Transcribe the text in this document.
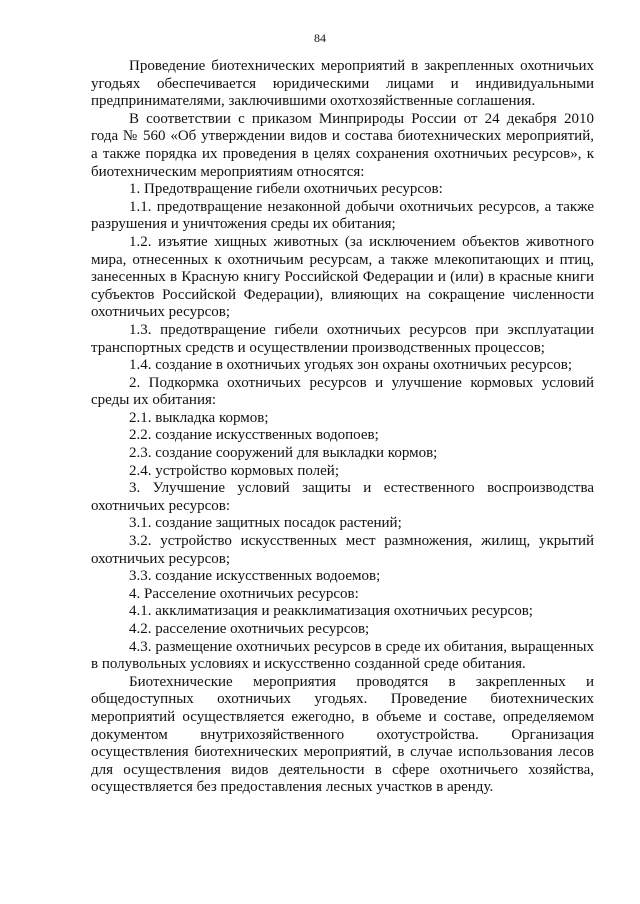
84

Проведение биотехнических мероприятий в закрепленных охотничьих угодьях обеспечивается юридическими лицами и индивидуальными предпринимателями, заключившими охотхозяйственные соглашения.

В соответствии с приказом Минприроды России от 24 декабря 2010 года № 560 «Об утверждении видов и состава биотехнических мероприятий, а также порядка их проведения в целях сохранения охотничьих ресурсов», к биотехническим мероприятиям относятся:

1. Предотвращение гибели охотничьих ресурсов:

1.1. предотвращение незаконной добычи охотничьих ресурсов, а также разрушения и уничтожения среды их обитания;

1.2. изъятие хищных животных (за исключением объектов животного мира, отнесенных к охотничьим ресурсам, а также млекопитающих и птиц, занесенных в Красную книгу Российской Федерации и (или) в красные книги субъектов Российской Федерации), влияющих на сокращение численности охотничьих ресурсов;

1.3. предотвращение гибели охотничьих ресурсов при эксплуатации транспортных средств и осуществлении производственных процессов;

1.4. создание в охотничьих угодьях зон охраны охотничьих ресурсов;

2. Подкормка охотничьих ресурсов и улучшение кормовых условий среды их обитания:

2.1. выкладка кормов;

2.2. создание искусственных водопоев;

2.3. создание сооружений для выкладки кормов;

2.4. устройство кормовых полей;

3. Улучшение условий защиты и естественного воспроизводства охотничьих ресурсов:

3.1. создание защитных посадок растений;

3.2. устройство искусственных мест размножения, жилищ, укрытий охотничьих ресурсов;

3.3. создание искусственных водоемов;

4. Расселение охотничьих ресурсов:

4.1. акклиматизация и реакклиматизация охотничьих ресурсов;

4.2. расселение охотничьих ресурсов;

4.3. размещение охотничьих ресурсов в среде их обитания, выращенных в полувольных условиях и искусственно созданной среде обитания.

Биотехнические мероприятия проводятся в закрепленных и общедоступных охотничьих угодьях. Проведение биотехнических мероприятий осуществляется ежегодно, в объеме и составе, определяемом документом внутрихозяйственного охотустройства. Организация осуществления биотехнических мероприятий, в случае использования лесов для осуществления видов деятельности в сфере охотничьего хозяйства, осуществляется без предоставления лесных участков в аренду.
